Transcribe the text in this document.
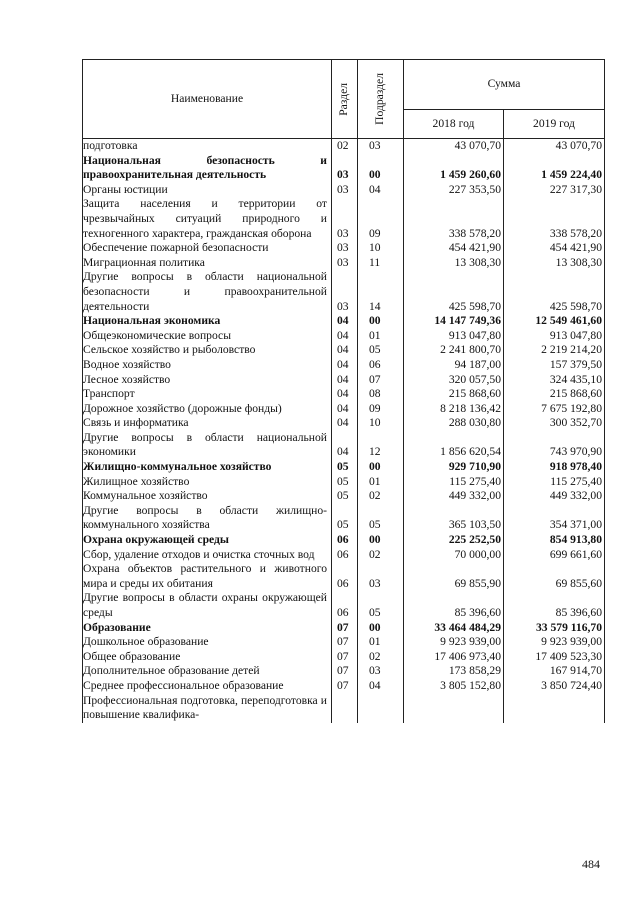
Наименование	Раздел	Подраздел	Сумма	
			2018 год	2019 год
подготовка	02	03	43 070,70	43 070,70
Национальная безопасность и правоохранительная деятельность	03	00	1 459 260,60	1 459 224,40
Органы юстиции	03	04	227 353,50	227 317,30
Защита населения и территории от чрезвычайных ситуаций природного и техногенного характера, гражданская оборона	03	09	338 578,20	338 578,20
Обеспечение пожарной безопасности	03	10	454 421,90	454 421,90
Миграционная политика	03	11	13 308,30	13 308,30
Другие вопросы в области национальной безопасности и правоохранительной деятельности	03	14	425 598,70	425 598,70
Национальная экономика	04	00	14 147 749,36	12 549 461,60
Общеэкономические вопросы	04	01	913 047,80	913 047,80
Сельское хозяйство и рыболовство	04	05	2 241 800,70	2 219 214,20
Водное хозяйство	04	06	94 187,00	157 379,50
Лесное хозяйство	04	07	320 057,50	324 435,10
Транспорт	04	08	215 868,60	215 868,60
Дорожное хозяйство (дорожные фонды)	04	09	8 218 136,42	7 675 192,80
Связь и информатика	04	10	288 030,80	300 352,70
Другие вопросы в области национальной экономики	04	12	1 856 620,54	743 970,90
Жилищно-коммунальное хозяйство	05	00	929 710,90	918 978,40
Жилищное хозяйство	05	01	115 275,40	115 275,40
Коммунальное хозяйство	05	02	449 332,00	449 332,00
Другие вопросы в области жилищно-коммунального хозяйства	05	05	365 103,50	354 371,00
Охрана окружающей среды	06	00	225 252,50	854 913,80
Сбор, удаление отходов и очистка сточных вод	06	02	70 000,00	699 661,60
Охрана объектов растительного и животного мира и среды их обитания	06	03	69 855,90	69 855,60
Другие вопросы в области охраны окружающей среды	06	05	85 396,60	85 396,60
Образование	07	00	33 464 484,29	33 579 116,70
Дошкольное образование	07	01	9 923 939,00	9 923 939,00
Общее образование	07	02	17 406 973,40	17 409 523,30
Дополнительное образование детей	07	03	173 858,29	167 914,70
Среднее профессиональное образование	07	04	3 805 152,80	3 850 724,40
Профессиональная подготовка, переподготовка и повышение квалифика-				
484
